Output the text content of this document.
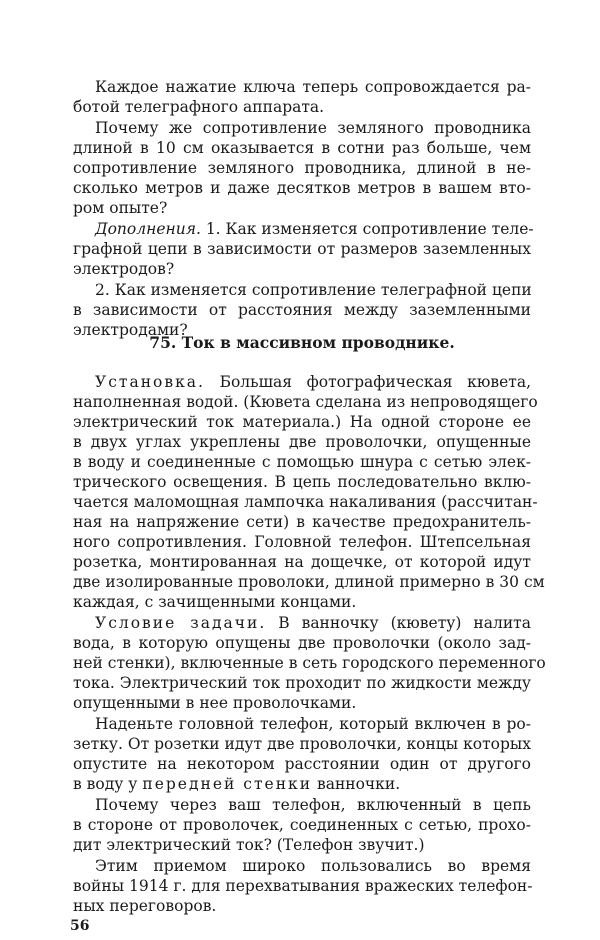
Каждое нажатие ключа теперь сопровождается ра-
ботой телеграфного аппарата.
Почему же сопротивление земляного проводника
длиной в 10 см оказывается в сотни раз больше, чем
сопротивление земляного проводника, длиной в не-
сколько метров и даже десятков метров в вашем вто-
ром опыте?
Дополнения. 1. Как изменяется сопротивление теле-
графной цепи в зависимости от размеров заземленных
электродов?
2. Как изменяется сопротивление телеграфной цепи
в зависимости от расстояния между заземленными
электродами?
75. Ток в массивном проводнике.
Установка. Большая фотографическая кювета,
наполненная водой. (Кювета сделана из непроводящего
электрический ток материала.) На одной стороне ее
в двух углах укреплены две проволочки, опущенные
в воду и соединенные с помощью шнура с сетью элек-
трического освещения. В цепь последовательно вклю-
чается маломощная лампочка накаливания (рассчитан-
ная на напряжение сети) в качестве предохранитель-
ного сопротивления. Головной телефон. Штепсельная
розетка, монтированная на дощечке, от которой идут
две изолированные проволоки, длиной примерно в 30 см
каждая, с зачищенными концами.
Условие задачи. В ванночку (кювету) налита
вода, в которую опущены две проволочки (около зад-
ней стенки), включенные в сеть городского переменного
тока. Электрический ток проходит по жидкости между
опущенными в нее проволочками.
Наденьте головной телефон, который включен в ро-
зетку. От розетки идут две проволочки, концы которых
опустите на некотором расстоянии один от другого
в воду у передней стенки ванночки.
Почему через ваш телефон, включенный в цепь
в стороне от проволочек, соединенных с сетью, прохо-
дит электрический ток? (Телефон звучит.)
Этим приемом широко пользовались во время
войны 1914 г. для перехватывания вражеских телефон-
ных переговоров.
56
